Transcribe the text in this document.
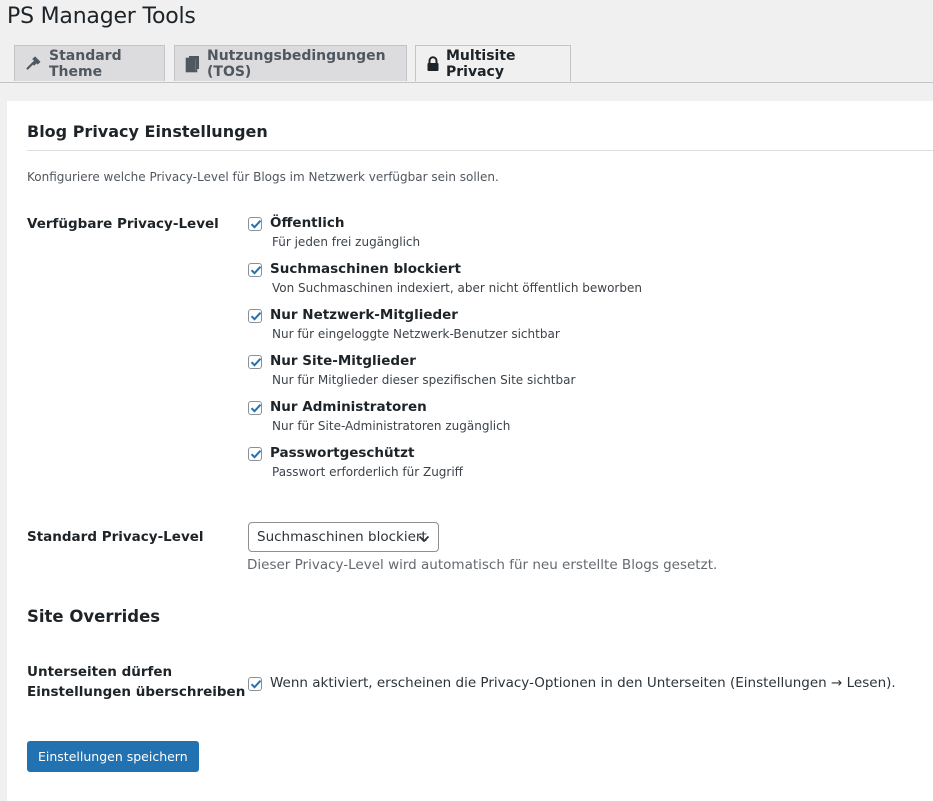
PS Manager Tools
Standard Theme
Nutzungsbedingungen (TOS)
Multisite Privacy
Blog Privacy Einstellungen
Konfiguriere welche Privacy-Level für Blogs im Netzwerk verfügbar sein sollen.
Verfügbare Privacy-Level	Öffentlich
Für jeden frei zugänglich
Suchmaschinen blockiert
Von Suchmaschinen indexiert, aber nicht öffentlich beworben
Nur Netzwerk-Mitglieder
Nur für eingeloggte Netzwerk-Benutzer sichtbar
Nur Site-Mitglieder
Nur für Mitglieder dieser spezifischen Site sichtbar
Nur Administratoren
Nur für Site-Administratoren zugänglich
Passwortgeschützt
Passwort erforderlich für Zugriff
Standard Privacy-Level	Suchmaschinen blockiert
Dieser Privacy-Level wird automatisch für neu erstellte Blogs gesetzt.
Site Overrides
Unterseiten dürfen
Einstellungen überschreiben
Wenn aktiviert, erscheinen die Privacy-Optionen in den Unterseiten (Einstellungen → Lesen).
Einstellungen speichern
